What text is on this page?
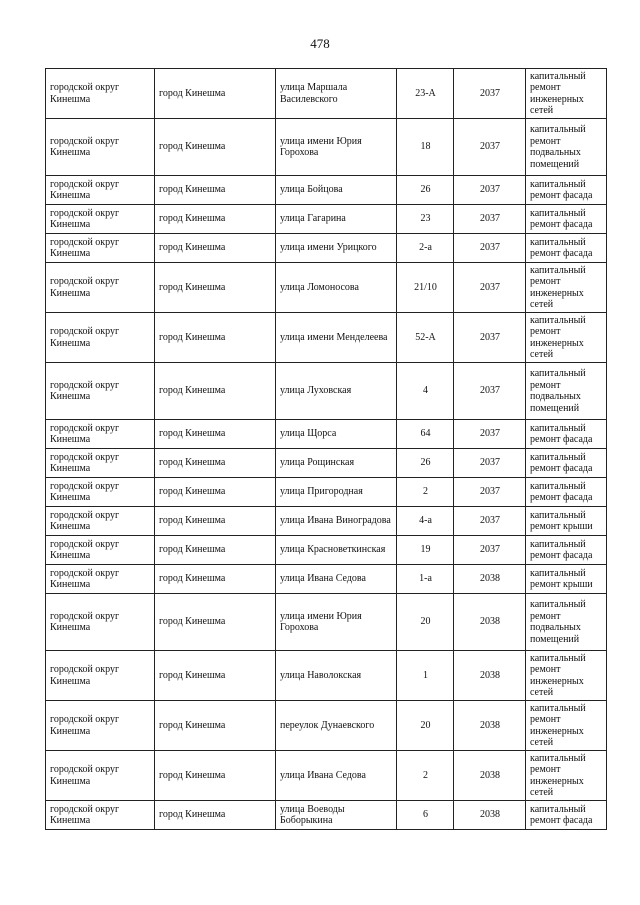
478
городской округ Кинешма	город Кинешма	улица Маршала Василевского	23-А	2037	капитальный ремонт инженерных сетей
городской округ Кинешма	город Кинешма	улица имени Юрия Горохова	18	2037	капитальный ремонт подвальных помещений
городской округ Кинешма	город Кинешма	улица Бойцова	26	2037	капитальный ремонт фасада
городской округ Кинешма	город Кинешма	улица Гагарина	23	2037	капитальный ремонт фасада
городской округ Кинешма	город Кинешма	улица имени Урицкого	2-а	2037	капитальный ремонт фасада
городской округ Кинешма	город Кинешма	улица Ломоносова	21/10	2037	капитальный ремонт инженерных сетей
городской округ Кинешма	город Кинешма	улица имени Менделеева	52-А	2037	капитальный ремонт инженерных сетей
городской округ Кинешма	город Кинешма	улица Луховская	4	2037	капитальный ремонт подвальных помещений
городской округ Кинешма	город Кинешма	улица Щорса	64	2037	капитальный ремонт фасада
городской округ Кинешма	город Кинешма	улица Рощинская	26	2037	капитальный ремонт фасада
городской округ Кинешма	город Кинешма	улица Пригородная	2	2037	капитальный ремонт фасада
городской округ Кинешма	город Кинешма	улица Ивана Виноградова	4-а	2037	капитальный ремонт крыши
городской округ Кинешма	город Кинешма	улица Красноветкинская	19	2037	капитальный ремонт фасада
городской округ Кинешма	город Кинешма	улица Ивана Седова	1-а	2038	капитальный ремонт крыши
городской округ Кинешма	город Кинешма	улица имени Юрия Горохова	20	2038	капитальный ремонт подвальных помещений
городской округ Кинешма	город Кинешма	улица Наволокская	1	2038	капитальный ремонт инженерных сетей
городской округ Кинешма	город Кинешма	переулок Дунаевского	20	2038	капитальный ремонт инженерных сетей
городской округ Кинешма	город Кинешма	улица Ивана Седова	2	2038	капитальный ремонт инженерных сетей
городской округ Кинешма	город Кинешма	улица Воеводы Боборыкина	6	2038	капитальный ремонт фасада
